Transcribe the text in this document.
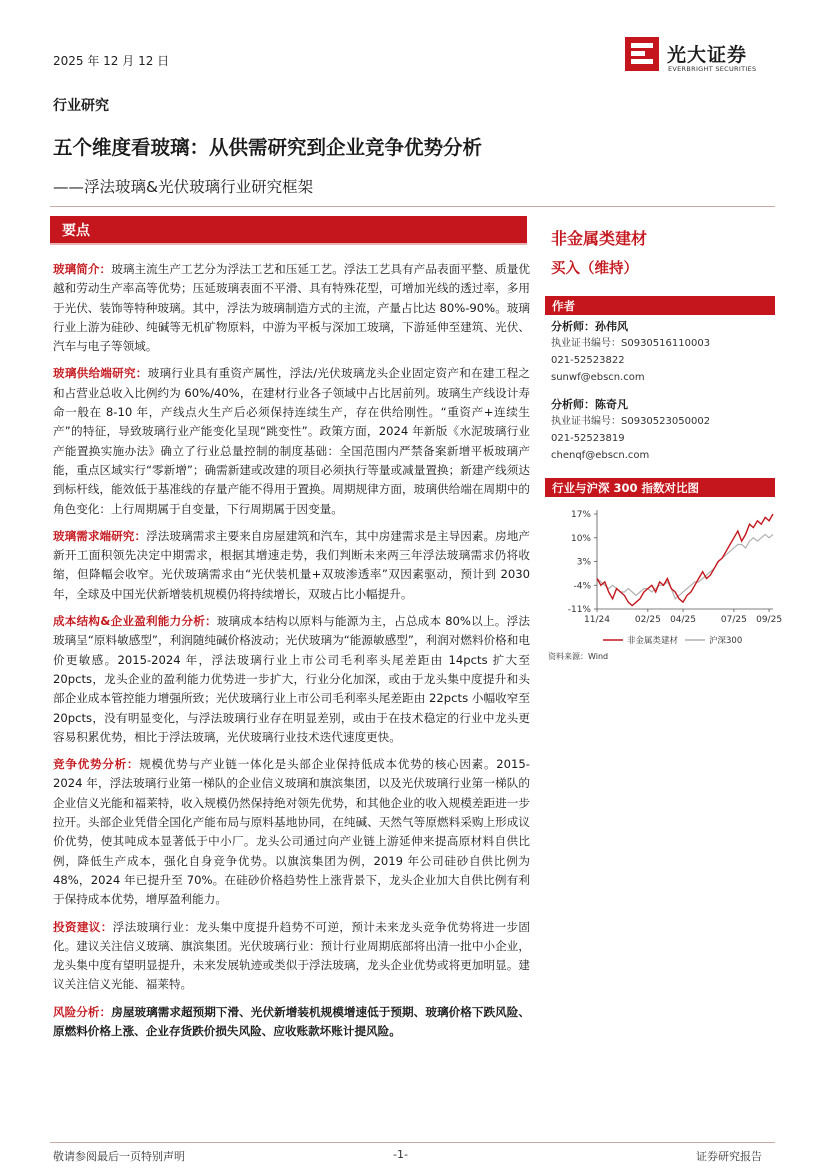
2025 年 12 月 12 日	光大证券
EVERBRIGHT SECURITIES
行业研究
五个维度看玻璃：从供需研究到企业竞争优势分析
——浮法玻璃&光伏玻璃行业研究框架
要点

玻璃简介：玻璃主流生产工艺分为浮法工艺和压延工艺。浮法工艺具有产品表面平整、质量优越和劳动生产率高等优势；压延玻璃表面不平滑、具有特殊花型，可增加光线的透过率，多用于光伏、装饰等特种玻璃。其中，浮法为玻璃制造方式的主流，产量占比达 80%-90%。玻璃行业上游为硅砂、纯碱等无机矿物原料，中游为平板与深加工玻璃，下游延伸至建筑、光伏、汽车与电子等领域。

玻璃供给端研究：玻璃行业具有重资产属性，浮法/光伏玻璃龙头企业固定资产和在建工程之和占营业总收入比例约为 60%/40%，在建材行业各子领域中占比居前列。玻璃生产线设计寿命一般在 8-10 年，产线点火生产后必须保持连续生产，存在供给刚性。“重资产+连续生产”的特征，导致玻璃行业产能变化呈现“跳变性”。政策方面，2024 年新版《水泥玻璃行业产能置换实施办法》确立了行业总量控制的制度基础：全国范围内严禁备案新增平板玻璃产能，重点区域实行“零新增”；确需新建或改建的项目必须执行等量或减量置换；新建产线须达到标杆线，能效低于基准线的存量产能不得用于置换。周期规律方面，玻璃供给端在周期中的角色变化：上行周期属于自变量，下行周期属于因变量。

玻璃需求端研究：浮法玻璃需求主要来自房屋建筑和汽车，其中房建需求是主导因素。房地产新开工面积领先决定中期需求，根据其增速走势，我们判断未来两三年浮法玻璃需求仍将收缩，但降幅会收窄。光伏玻璃需求由“光伏装机量+双玻渗透率”双因素驱动，预计到 2030 年，全球及中国光伏新增装机规模仍将持续增长，双玻占比小幅提升。

成本结构&企业盈利能力分析：玻璃成本结构以原料与能源为主，占总成本 80%以上。浮法玻璃呈“原料敏感型”，利润随纯碱价格波动；光伏玻璃为“能源敏感型”，利润对燃料价格和电价更敏感。2015-2024 年，浮法玻璃行业上市公司毛利率头尾差距由 14pcts 扩大至 20pcts，龙头企业的盈利能力优势进一步扩大，行业分化加深，或由于龙头集中度提升和头部企业成本管控能力增强所致；光伏玻璃行业上市公司毛利率头尾差距由 22pcts 小幅收窄至 20pcts，没有明显变化，与浮法玻璃行业存在明显差别，或由于在技术稳定的行业中龙头更容易积累优势，相比于浮法玻璃，光伏玻璃行业技术迭代速度更快。

竞争优势分析：规模优势与产业链一体化是头部企业保持低成本优势的核心因素。2015-2024 年，浮法玻璃行业第一梯队的企业信义玻璃和旗滨集团，以及光伏玻璃行业第一梯队的企业信义光能和福莱特，收入规模仍然保持绝对领先优势，和其他企业的收入规模差距进一步拉开。头部企业凭借全国化产能布局与原料基地协同，在纯碱、天然气等原燃料采购上形成议价优势，使其吨成本显著低于中小厂。龙头公司通过向产业链上游延伸来提高原材料自供比例，降低生产成本，强化自身竞争优势。以旗滨集团为例，2019 年公司硅砂自供比例为 48%，2024 年已提升至 70%。在硅砂价格趋势性上涨背景下，龙头企业加大自供比例有利于保持成本优势，增厚盈利能力。

投资建议：浮法玻璃行业：龙头集中度提升趋势不可逆，预计未来龙头竞争优势将进一步固化。建议关注信义玻璃、旗滨集团。光伏玻璃行业：预计行业周期底部将出清一批中小企业，龙头集中度有望明显提升，未来发展轨迹或类似于浮法玻璃，龙头企业优势或将更加明显。建议关注信义光能、福莱特。

风险分析：房屋玻璃需求超预期下滑、光伏新增装机规模增速低于预期、玻璃价格下跌风险、原燃料价格上涨、企业存货跌价损失风险、应收账款坏账计提风险。

非金属类建材
买入（维持）
作者
分析师：孙伟风
执业证书编号：S0930516110003
021-52523822
sunwf@ebscn.com
分析师：陈奇凡
执业证书编号：S0930523050002
021-52523819
chenqf@ebscn.com
行业与沪深 300 指数对比图
17%
10%
3%
-4%
-11%
11/24	02/25 04/25	07/25 09/25
非金属类建材	沪深300
资料来源：Wind
敬请参阅最后一页特别声明	-1-	证券研究报告
